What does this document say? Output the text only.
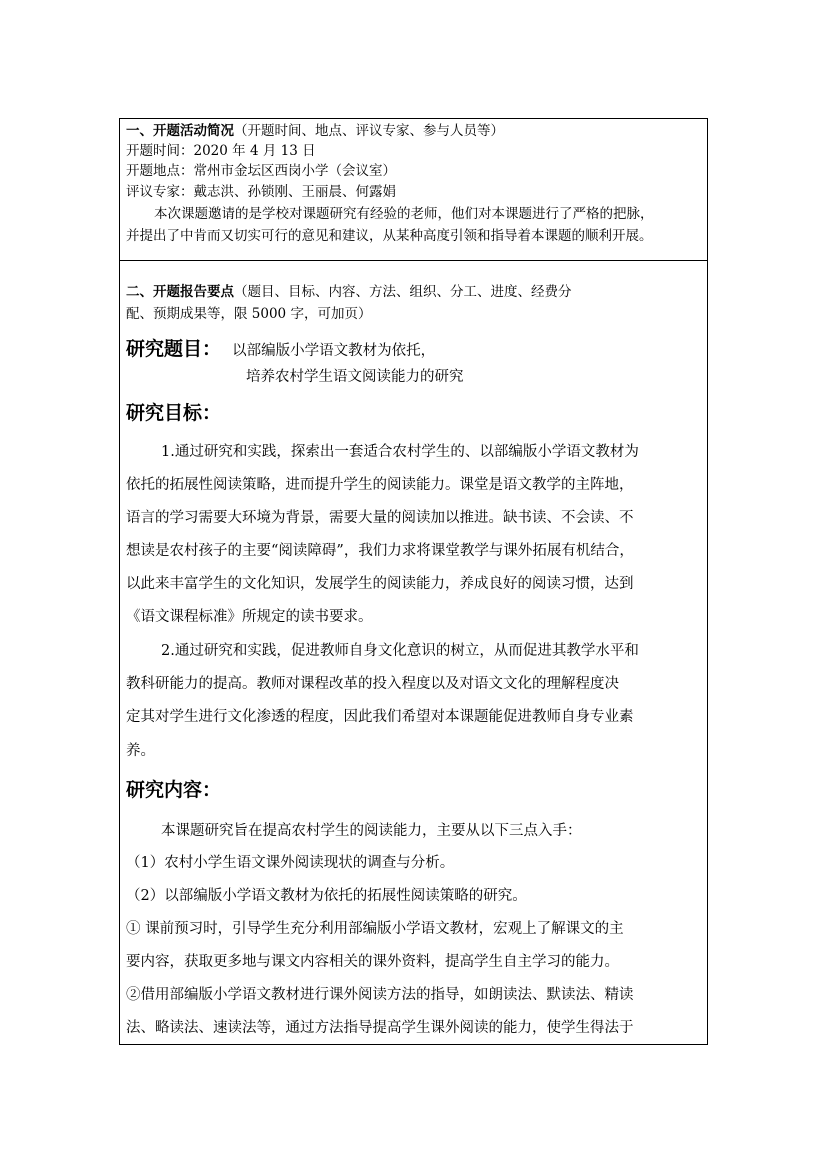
一、开题活动简况（开题时间、地点、评议专家、参与人员等）
开题时间：2020 年 4 月 13 日
开题地点：常州市金坛区西岗小学（会议室）
评议专家：戴志洪、孙锁刚、王丽晨、何露娟
本次课题邀请的是学校对课题研究有经验的老师，他们对本课题进行了严格的把脉，
并提出了中肯而又切实可行的意见和建议，从某种高度引领和指导着本课题的顺利开展。
二、开题报告要点（题目、目标、内容、方法、组织、分工、进度、经费分
配、预期成果等，限 5000 字，可加页）
研究题目： 以部编版小学语文教材为依托，
培养农村学生语文阅读能力的研究
研究目标：
1.通过研究和实践，探索出一套适合农村学生的、以部编版小学语文教材为
依托的拓展性阅读策略，进而提升学生的阅读能力。课堂是语文教学的主阵地，
语言的学习需要大环境为背景，需要大量的阅读加以推进。缺书读、不会读、不
想读是农村孩子的主要“阅读障碍”，我们力求将课堂教学与课外拓展有机结合，
以此来丰富学生的文化知识，发展学生的阅读能力，养成良好的阅读习惯，达到
《语文课程标准》所规定的读书要求。
2.通过研究和实践，促进教师自身文化意识的树立，从而促进其教学水平和
教科研能力的提高。教师对课程改革的投入程度以及对语文文化的理解程度决
定其对学生进行文化渗透的程度，因此我们希望对本课题能促进教师自身专业素
养。
研究内容：
本课题研究旨在提高农村学生的阅读能力，主要从以下三点入手：
（1）农村小学生语文课外阅读现状的调查与分析。
（2）以部编版小学语文教材为依托的拓展性阅读策略的研究。
① 课前预习时，引导学生充分利用部编版小学语文教材，宏观上了解课文的主
要内容，获取更多地与课文内容相关的课外资料，提高学生自主学习的能力。
②借用部编版小学语文教材进行课外阅读方法的指导，如朗读法、默读法、精读
法、略读法、速读法等，通过方法指导提高学生课外阅读的能力，使学生得法于
